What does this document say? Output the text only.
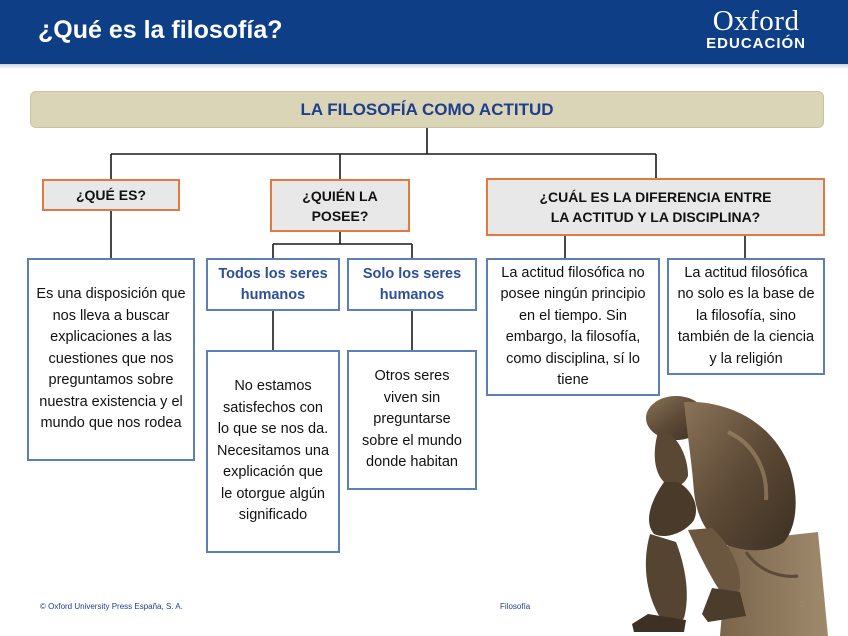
¿Qué es la filosofía?	Oxford
EDUCACIÓN
LA FILOSOFÍA COMO ACTITUD
¿QUÉ ES?	¿QUIÉN LA POSEE?
¿CUÁL ES LA DIFERENCIA ENTRE LA ACTITUD Y LA DISCIPLINA?
Es una disposición que nos lleva a buscar explicaciones a las cuestiones que nos preguntamos sobre nuestra existencia y el mundo que nos rodea
Todos los seres humanos
Solo los seres humanos
No estamos satisfechos con lo que se nos da. Necesitamos una explicación que le otorgue algún significado
Otros seres viven sin preguntarse sobre el mundo donde habitan
La actitud filosófica no posee ningún principio en el tiempo. Sin embargo, la filosofía, como disciplina, sí lo tiene
La actitud filosófica no solo es la base de la filosofía, sino también de la ciencia y la religión
© Oxford University Press España, S. A.	Filosofía	2
